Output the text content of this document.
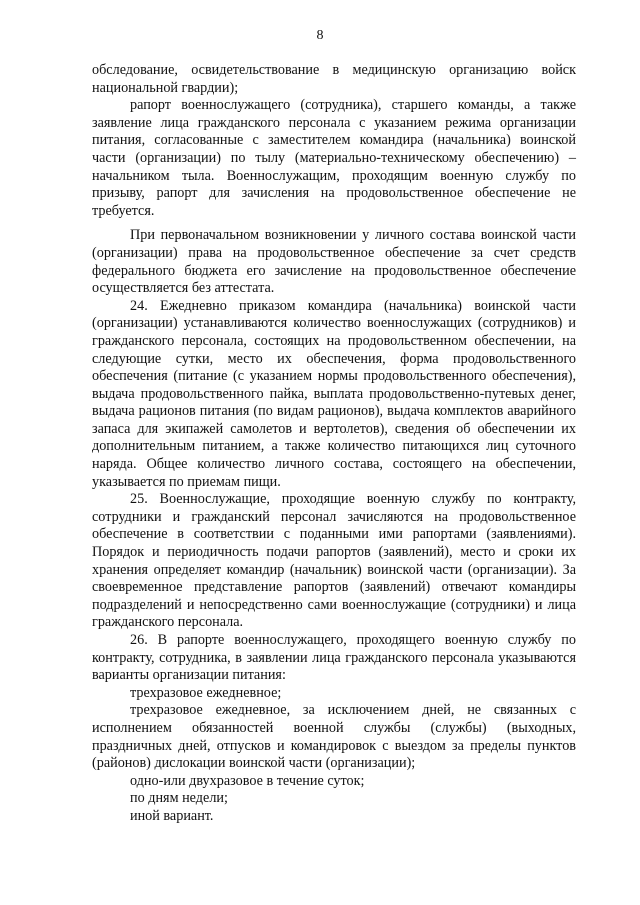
8

обследование, освидетельствование в медицинскую организацию войск национальной гвардии);

рапорт военнослужащего (сотрудника), старшего команды, а также заявление лица гражданского персонала с указанием режима организации питания, согласованные с заместителем командира (начальника) воинской части (организации) по тылу (материально-техническому обеспечению) – начальником тыла. Военнослужащим, проходящим военную службу по призыву, рапорт для зачисления на продовольственное обеспечение не требуется.

При первоначальном возникновении у личного состава воинской части (организации) права на продовольственное обеспечение за счет средств федерального бюджета его зачисление на продовольственное обеспечение осуществляется без аттестата.

24. Ежедневно приказом командира (начальника) воинской части (организации) устанавливаются количество военнослужащих (сотрудников) и гражданского персонала, состоящих на продовольственном обеспечении, на следующие сутки, место их обеспечения, форма продовольственного обеспечения (питание (с указанием нормы продовольственного обеспечения), выдача продовольственного пайка, выплата продовольственно-путевых денег, выдача рационов питания (по видам рационов), выдача комплектов аварийного запаса для экипажей самолетов и вертолетов), сведения об обеспечении их дополнительным питанием, а также количество питающихся лиц суточного наряда. Общее количество личного состава, состоящего на обеспечении, указывается по приемам пищи.

25. Военнослужащие, проходящие военную службу по контракту, сотрудники и гражданский персонал зачисляются на продовольственное обеспечение в соответствии с поданными ими рапортами (заявлениями). Порядок и периодичность подачи рапортов (заявлений), место и сроки их хранения определяет командир (начальник) воинской части (организации). За своевременное представление рапортов (заявлений) отвечают командиры подразделений и непосредственно сами военнослужащие (сотрудники) и лица гражданского персонала.

26. В рапорте военнослужащего, проходящего военную службу по контракту, сотрудника, в заявлении лица гражданского персонала указываются варианты организации питания:

трехразовое ежедневное;

трехразовое ежедневное, за исключением дней, не связанных с исполнением обязанностей военной службы (службы) (выходных, праздничных дней, отпусков и командировок с выездом за пределы пунктов (районов) дислокации воинской части (организации);

одно-или двухразовое в течение суток;

по дням недели;

иной вариант.
